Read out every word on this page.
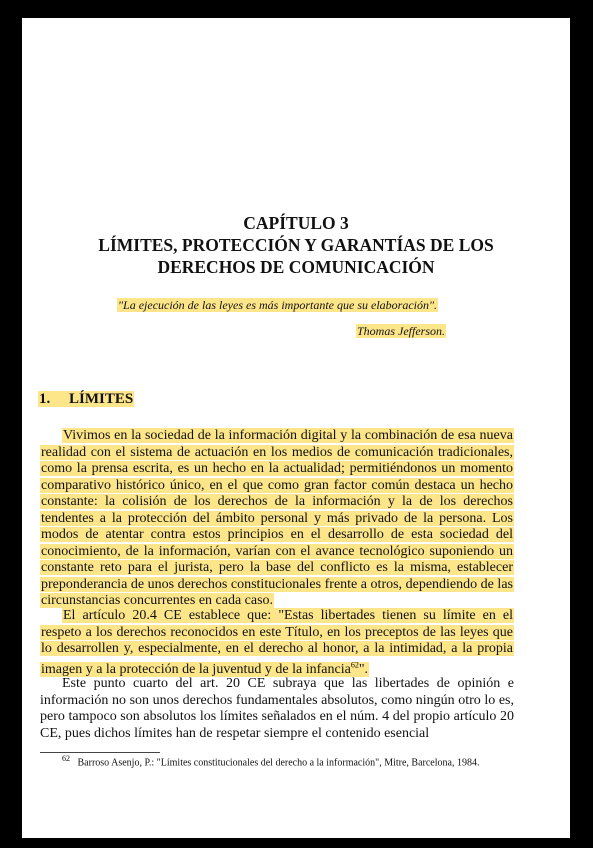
CAPÍTULO 3
LÍMITES, PROTECCIÓN Y GARANTÍAS DE LOS
DERECHOS DE COMUNICACIÓN
"La ejecución de las leyes es más importante que su elaboración".
Thomas Jefferson.
1. LÍMITES
Vivimos en la sociedad de la información digital y la combinación de esa nueva realidad con el sistema de actuación en los medios de comunicación tradicionales, como la prensa escrita, es un hecho en la actualidad; permitiéndonos un momento comparativo histórico único, en el que como gran factor común destaca un hecho constante: la colisión de los derechos de la información y la de los derechos tendentes a la protección del ámbito personal y más privado de la persona. Los modos de atentar contra estos principios en el desarrollo de esta sociedad del conocimiento, de la información, varían con el avance tecnológico suponiendo un constante reto para el jurista, pero la base del conflicto es la misma, establecer preponderancia de unos derechos constitucionales frente a otros, dependiendo de las circunstancias concurrentes en cada caso.
El artículo 20.4 CE establece que: "Estas libertades tienen su límite en el respeto a los derechos reconocidos en este Título, en los preceptos de las leyes que lo desarrollen y, especialmente, en el derecho al honor, a la intimidad, a la propia imagen y a la protección de la juventud y de la infancia$^{62}$".
Este punto cuarto del art. 20 CE subraya que las libertades de opinión e información no son unos derechos fundamentales absolutos, como ningún otro lo es, pero tampoco son absolutos los límites señalados en el núm. 4 del propio artículo 20 CE, pues dichos límites han de respetar siempre el contenido esencial
$^{62}$ Barroso Asenjo, P.: "Límites constitucionales del derecho a la información", Mitre, Barcelona, 1984.
